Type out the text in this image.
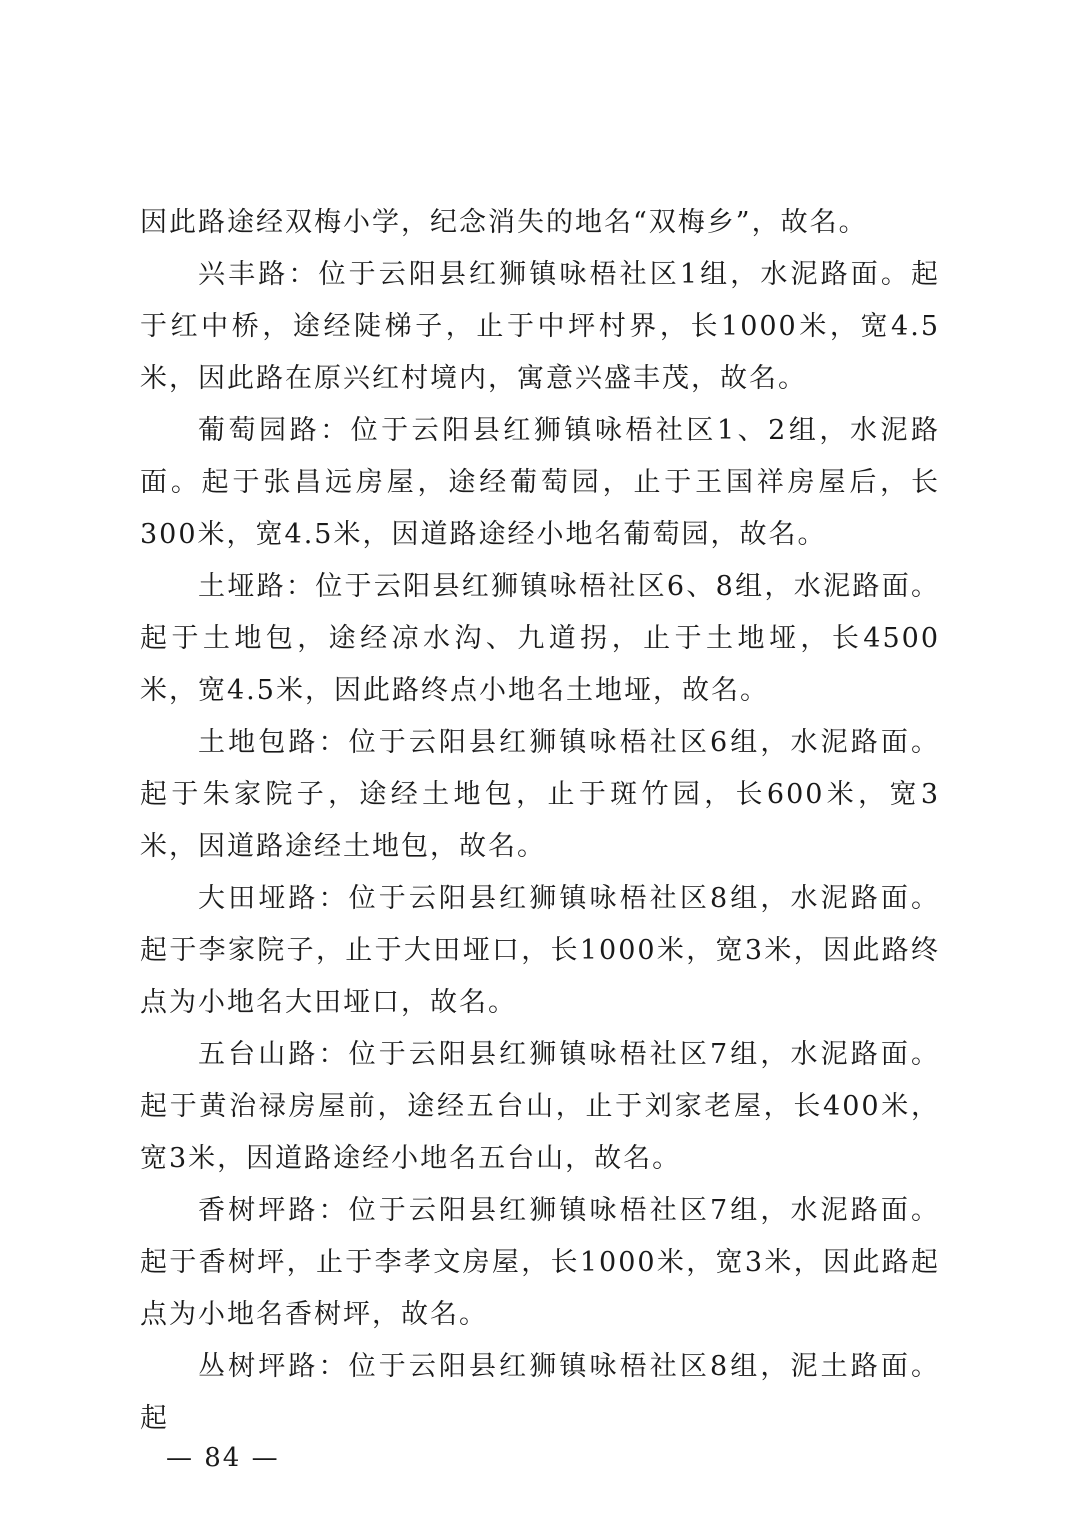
因此路途经双梅小学，纪念消失的地名“双梅乡”，故名。

兴丰路：位于云阳县红狮镇咏梧社区1组，水泥路面。起于红中桥，途经陡梯子，止于中坪村界，长1000米，宽4.5米，因此路在原兴红村境内，寓意兴盛丰茂，故名。

葡萄园路：位于云阳县红狮镇咏梧社区1、2组，水泥路面。起于张昌远房屋，途经葡萄园，止于王国祥房屋后，长300米，宽4.5米，因道路途经小地名葡萄园，故名。

土垭路：位于云阳县红狮镇咏梧社区6、8组，水泥路面。起于土地包，途经凉水沟、九道拐，止于土地垭，长4500米，宽4.5米，因此路终点小地名土地垭，故名。

土地包路：位于云阳县红狮镇咏梧社区6组，水泥路面。起于朱家院子，途经土地包，止于斑竹园，长600米，宽3米，因道路途经土地包，故名。

大田垭路：位于云阳县红狮镇咏梧社区8组，水泥路面。起于李家院子，止于大田垭口，长1000米，宽3米，因此路终点为小地名大田垭口，故名。

五台山路：位于云阳县红狮镇咏梧社区7组，水泥路面。起于黄治禄房屋前，途经五台山，止于刘家老屋，长400米，宽3米，因道路途经小地名五台山，故名。

香树坪路：位于云阳县红狮镇咏梧社区7组，水泥路面。起于香树坪，止于李孝文房屋，长1000米，宽3米，因此路起点为小地名香树坪，故名。

丛树坪路：位于云阳县红狮镇咏梧社区8组，泥土路面。起

— 84 —
